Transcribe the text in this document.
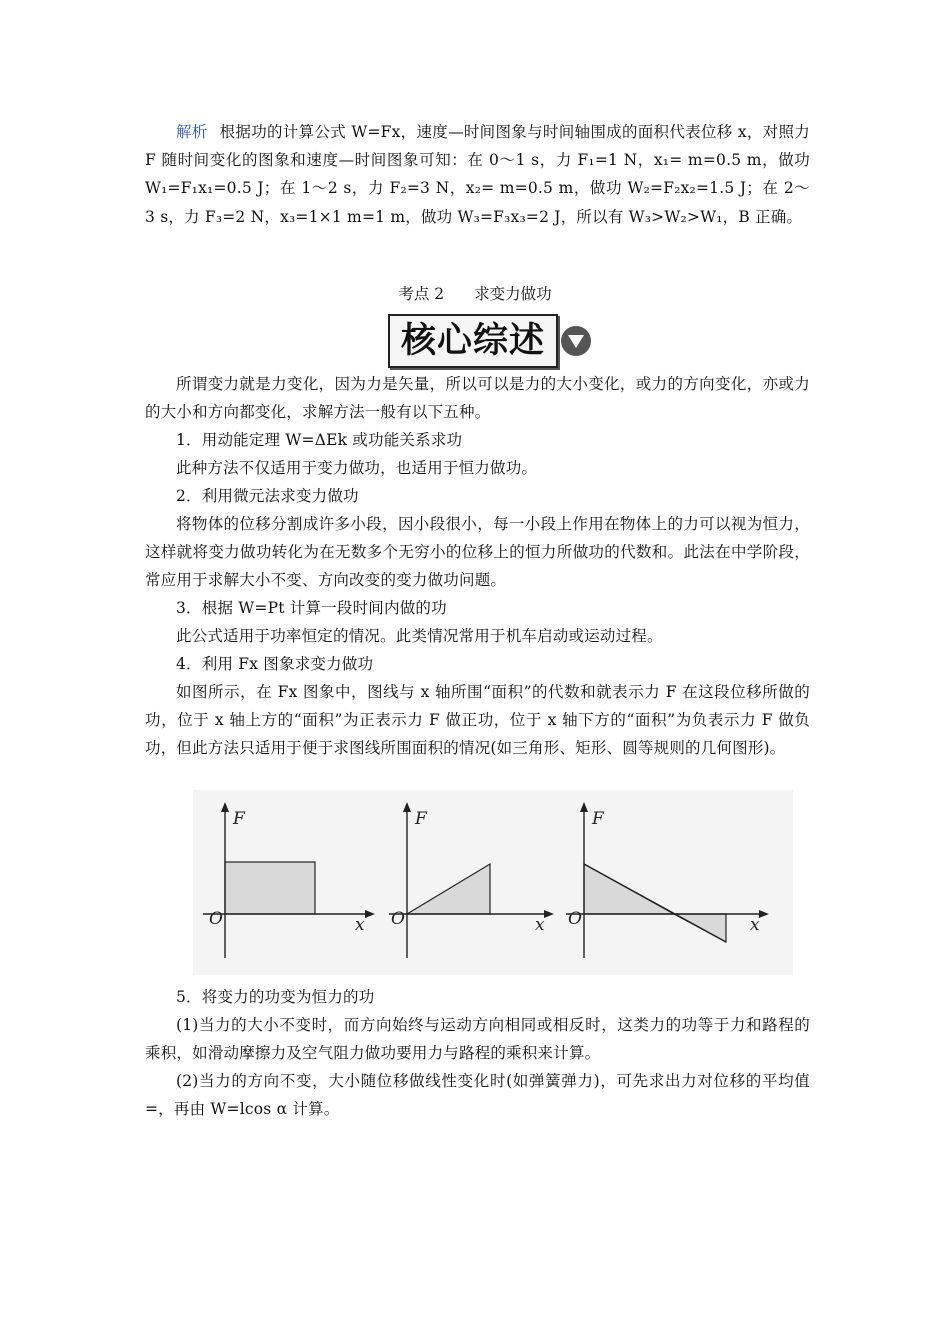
解析 根据功的计算公式 W=Fx，速度—时间图象与时间轴围成的面积代表位移 x，对照力 F 随时间变化的图象和速度—时间图象可知：在 0～1 s，力 F₁=1 N，x₁= m=0.5 m，做功 W₁=F₁x₁=0.5 J；在 1～2 s，力 F₂=3 N，x₂= m=0.5 m，做功 W₂=F₂x₂=1.5 J；在 2～3 s，力 F₃=2 N，x₃=1×1 m=1 m，做功 W₃=F₃x₃=2 J，所以有 W₃>W₂>W₁，B 正确。

考点 2 求变力做功
核心综述

所谓变力就是力变化，因为力是矢量，所以可以是力的大小变化，或力的方向变化，亦或力的大小和方向都变化，求解方法一般有以下五种。

1．用动能定理 W=ΔEk 或功能关系求功

此种方法不仅适用于变力做功，也适用于恒力做功。

2．利用微元法求变力做功

将物体的位移分割成许多小段，因小段很小，每一小段上作用在物体上的力可以视为恒力，这样就将变力做功转化为在无数多个无穷小的位移上的恒力所做功的代数和。此法在中学阶段，常应用于求解大小不变、方向改变的变力做功问题。

3．根据 W=Pt 计算一段时间内做的功

此公式适用于功率恒定的情况。此类情况常用于机车启动或运动过程。

4．利用 Fx 图象求变力做功

如图所示，在 Fx 图象中，图线与 x 轴所围“面积”的代数和就表示力 F 在这段位移所做的功，位于 x 轴上方的“面积”为正表示力 F 做正功，位于 x 轴下方的“面积”为负表示力 F 做负功，但此方法只适用于便于求图线所围面积的情况(如三角形、矩形、圆等规则的几何图形)。

F
O	x
F
O	x
F
O	x

5．将变力的功变为恒力的功

(1)当力的大小不变时，而方向始终与运动方向相同或相反时，这类力的功等于力和路程的乘积，如滑动摩擦力及空气阻力做功要用力与路程的乘积来计算。

(2)当力的方向不变，大小随位移做线性变化时(如弹簧弹力)，可先求出力对位移的平均值=，再由 W=lcos α 计算。
